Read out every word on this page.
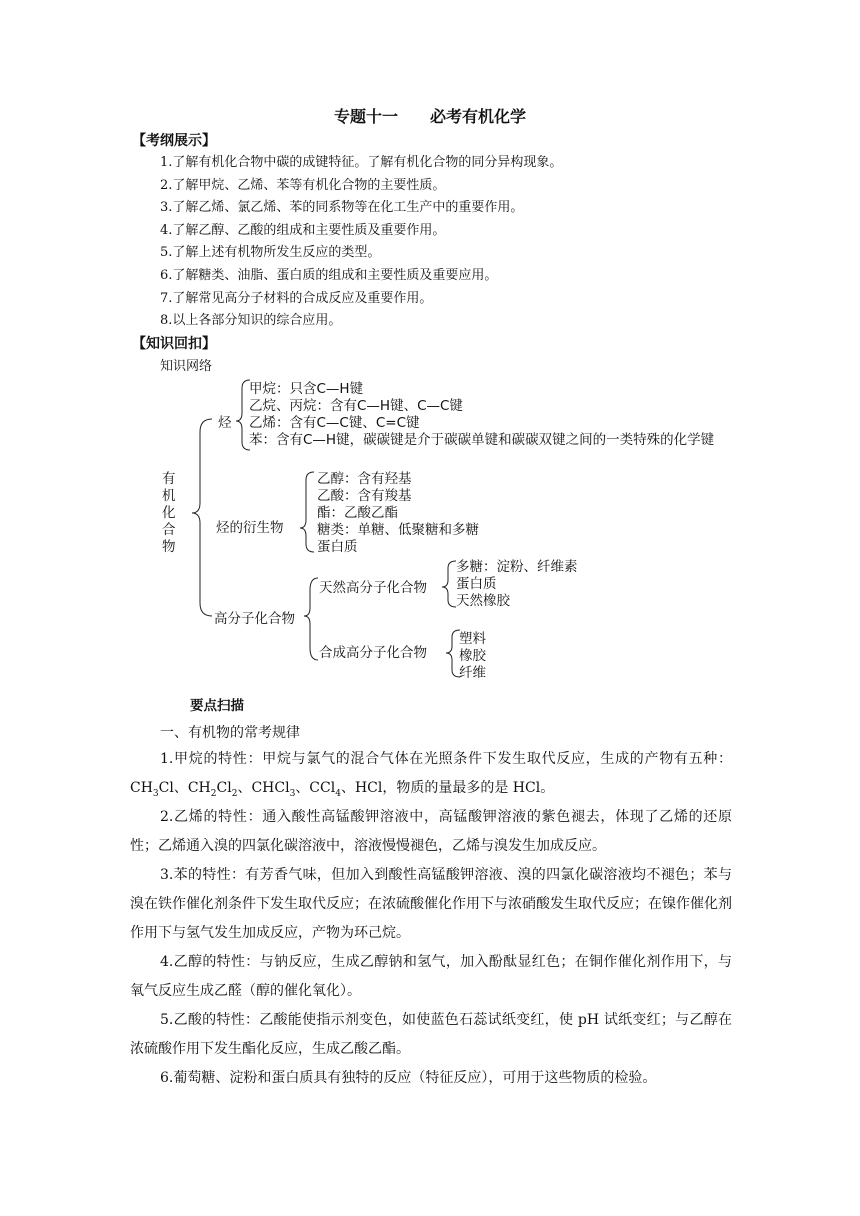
专题十一　　必考有机化学
【考纲展示】
1.了解有机化合物中碳的成键特征。了解有机化合物的同分异构现象。
2.了解甲烷、乙烯、苯等有机化合物的主要性质。
3.了解乙烯、氯乙烯、苯的同系物等在化工生产中的重要作用。
4.了解乙醇、乙酸的组成和主要性质及重要作用。
5.了解上述有机物所发生反应的类型。
6.了解糖类、油脂、蛋白质的组成和主要性质及重要应用。
7.了解常见高分子材料的合成反应及重要作用。
8.以上各部分知识的综合应用。
【知识回扣】
知识网络
有
机
化
合
物
烃
甲烷：只含C—H键
乙烷、丙烷：含有C—H键、C—C键
乙烯：含有C—C键、C=C键
苯：含有C—H键，碳碳键是介于碳碳单键和碳碳双键之间的一类特殊的化学键
烃的衍生物
乙醇：含有羟基
乙酸：含有羧基
酯：乙酸乙酯
糖类：单糖、低聚糖和多糖
蛋白质
高分子化合物
天然高分子化合物
多糖：淀粉、纤维素
蛋白质
天然橡胶
合成高分子化合物
塑料
橡胶
纤维
要点扫描
一、有机物的常考规律

1.甲烷的特性：甲烷与氯气的混合气体在光照条件下发生取代反应，生成的产物有五种：$CH_3Cl$、$CH_2Cl_2$、CHCl$_3$、CCl$_4$、HCl，物质的量最多的是 HCl。

2.乙烯的特性：通入酸性高锰酸钾溶液中，高锰酸钾溶液的紫色褪去，体现了乙烯的还原性；乙烯通入溴的四氯化碳溶液中，溶液慢慢褪色，乙烯与溴发生加成反应。

3.苯的特性：有芳香气味，但加入到酸性高锰酸钾溶液、溴的四氯化碳溶液均不褪色；苯与溴在铁作催化剂条件下发生取代反应；在浓硫酸催化作用下与浓硝酸发生取代反应；在镍作催化剂作用下与氢气发生加成反应，产物为环己烷。

4.乙醇的特性：与钠反应，生成乙醇钠和氢气，加入酚酞显红色；在铜作催化剂作用下，与氧气反应生成乙醛（醇的催化氧化）。

5.乙酸的特性：乙酸能使指示剂变色，如使蓝色石蕊试纸变红，使 pH 试纸变红；与乙醇在浓硫酸作用下发生酯化反应，生成乙酸乙酯。

6.葡萄糖、淀粉和蛋白质具有独特的反应（特征反应），可用于这些物质的检验。
